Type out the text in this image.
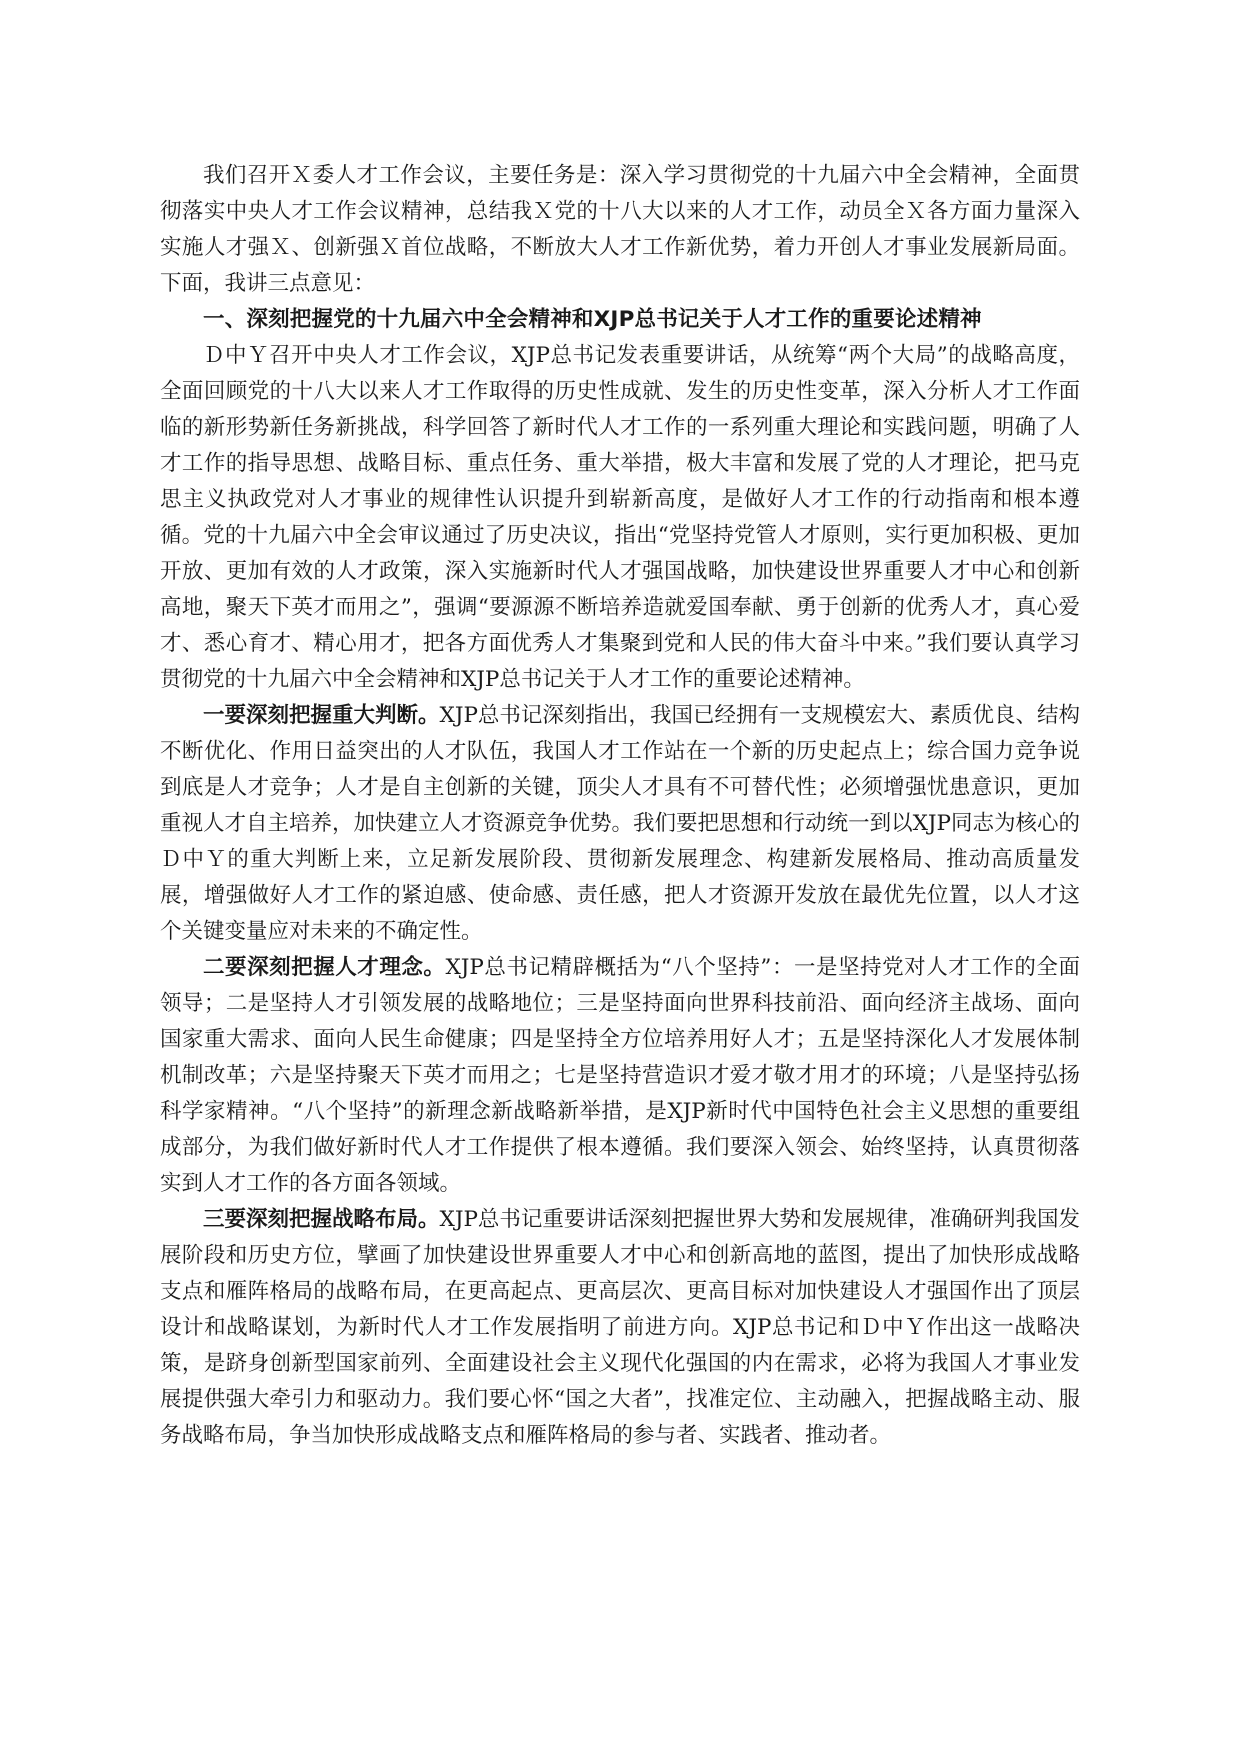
我们召开Ｘ委人才工作会议，主要任务是：深入学习贯彻党的十九届六中全会精神，全面贯彻落实中央人才工作会议精神，总结我Ｘ党的十八大以来的人才工作，动员全Ｘ各方面力量深入实施人才强Ｘ、创新强Ｘ首位战略，不断放大人才工作新优势，着力开创人才事业发展新局面。下面，我讲三点意见：

一、深刻把握党的十九届六中全会精神和XJP总书记关于人才工作的重要论述精神

Ｄ中Ｙ召开中央人才工作会议，XJP总书记发表重要讲话，从统筹“两个大局”的战略高度，全面回顾党的十八大以来人才工作取得的历史性成就、发生的历史性变革，深入分析人才工作面临的新形势新任务新挑战，科学回答了新时代人才工作的一系列重大理论和实践问题，明确了人才工作的指导思想、战略目标、重点任务、重大举措，极大丰富和发展了党的人才理论，把马克思主义执政党对人才事业的规律性认识提升到崭新高度，是做好人才工作的行动指南和根本遵循。党的十九届六中全会审议通过了历史决议，指出“党坚持党管人才原则，实行更加积极、更加开放、更加有效的人才政策，深入实施新时代人才强国战略，加快建设世界重要人才中心和创新高地，聚天下英才而用之”，强调“要源源不断培养造就爱国奉献、勇于创新的优秀人才，真心爱才、悉心育才、精心用才，把各方面优秀人才集聚到党和人民的伟大奋斗中来。”我们要认真学习贯彻党的十九届六中全会精神和XJP总书记关于人才工作的重要论述精神。

一要深刻把握重大判断。XJP总书记深刻指出，我国已经拥有一支规模宏大、素质优良、结构不断优化、作用日益突出的人才队伍，我国人才工作站在一个新的历史起点上；综合国力竞争说到底是人才竞争；人才是自主创新的关键，顶尖人才具有不可替代性；必须增强忧患意识，更加重视人才自主培养，加快建立人才资源竞争优势。我们要把思想和行动统一到以XJP同志为核心的Ｄ中Ｙ的重大判断上来，立足新发展阶段、贯彻新发展理念、构建新发展格局、推动高质量发展，增强做好人才工作的紧迫感、使命感、责任感，把人才资源开发放在最优先位置，以人才这个关键变量应对未来的不确定性。

二要深刻把握人才理念。XJP总书记精辟概括为“八个坚持”：一是坚持党对人才工作的全面领导；二是坚持人才引领发展的战略地位；三是坚持面向世界科技前沿、面向经济主战场、面向国家重大需求、面向人民生命健康；四是坚持全方位培养用好人才；五是坚持深化人才发展体制机制改革；六是坚持聚天下英才而用之；七是坚持营造识才爱才敬才用才的环境；八是坚持弘扬科学家精神。“八个坚持”的新理念新战略新举措，是XJP新时代中国特色社会主义思想的重要组成部分，为我们做好新时代人才工作提供了根本遵循。我们要深入领会、始终坚持，认真贯彻落实到人才工作的各方面各领域。

三要深刻把握战略布局。XJP总书记重要讲话深刻把握世界大势和发展规律，准确研判我国发展阶段和历史方位，擘画了加快建设世界重要人才中心和创新高地的蓝图，提出了加快形成战略支点和雁阵格局的战略布局，在更高起点、更高层次、更高目标对加快建设人才强国作出了顶层设计和战略谋划，为新时代人才工作发展指明了前进方向。XJP总书记和Ｄ中Ｙ作出这一战略决策，是跻身创新型国家前列、全面建设社会主义现代化强国的内在需求，必将为我国人才事业发展提供强大牵引力和驱动力。我们要心怀“国之大者”，找准定位、主动融入，把握战略主动、服务战略布局，争当加快形成战略支点和雁阵格局的参与者、实践者、推动者。
